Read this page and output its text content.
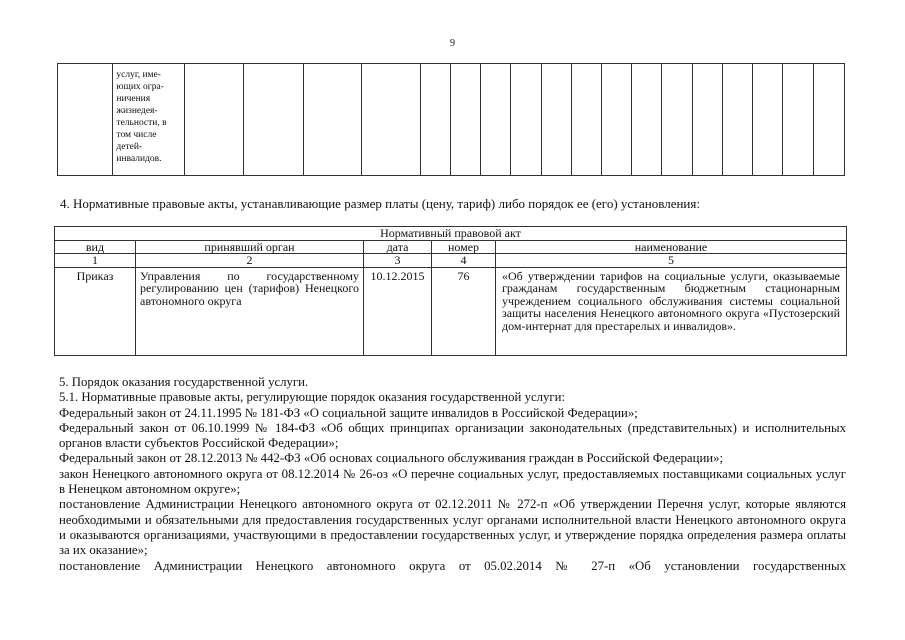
9
	услуг, име-
ющих огра-
ничения
жизнедея-
тельности, в
том числе
детей-
инвалидов.																		
4. Нормативные правовые акты, устанавливающие размер платы (цену, тариф) либо порядок ее (его) установления:
Нормативный правовой акт				
вид	принявший орган	дата	номер	наименование
1	2	3	4	5
Приказ	Управления по государственному регулированию цен (тарифов) Ненецкого автономного округа	10.12.2015	76	«Об утверждении тарифов на социальные услуги, оказываемые гражданам государственным бюджетным стационарным учреждением социального обслуживания системы социальной защиты населения Ненецкого автономного округа «Пустозерский дом-интернат для престарелых и инвалидов».

5. Порядок оказания государственной услуги.

5.1. Нормативные правовые акты, регулирующие порядок оказания государственной услуги:

Федеральный закон от 24.11.1995 № 181-ФЗ «О социальной защите инвалидов в Российской Федерации»;

Федеральный закон от 06.10.1999 № 184-ФЗ «Об общих принципах организации законодательных (представительных) и исполнительных органов власти субъектов Российской Федерации»;

Федеральный закон от 28.12.2013 № 442-ФЗ «Об основах социального обслуживания граждан в Российской Федерации»;

закон Ненецкого автономного округа от 08.12.2014 № 26-оз «О перечне социальных услуг, предоставляемых поставщиками социальных услуг в Ненецком автономном округе»;

постановление Администрации Ненецкого автономного округа от 02.12.2011 № 272-п «Об утверждении Перечня услуг, которые являются необходимыми и обязательными для предоставления государственных услуг органами исполнительной власти Ненецкого автономного округа и оказываются организациями, участвующими в предоставлении государственных услуг, и утверждение порядка определения размера оплаты за их оказание»;

постановление Администрации Ненецкого автономного округа от 05.02.2014 № 27-п «Об установлении государственных
